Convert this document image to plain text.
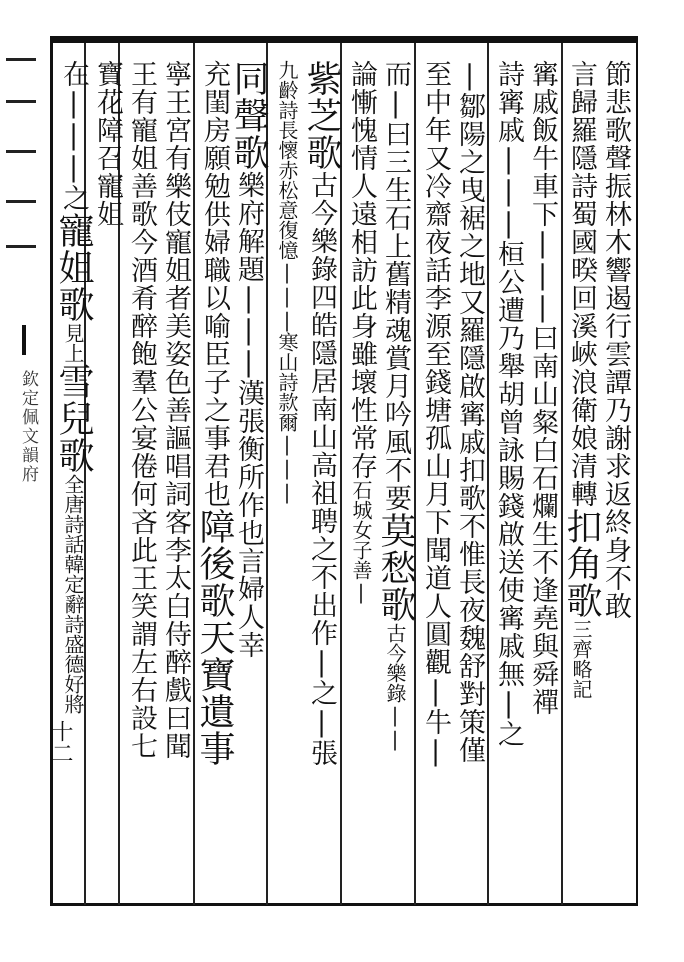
欽定佩文韻府
十二
節悲歌聲振林木響遏行雲譚乃謝求返終身不敢
言歸羅隱詩蜀國暌回溪峽浪衛娘清轉扣角歌三齊略記
寗戚飯牛車下|||曰南山粲白石爛生不逢堯與舜禪
詩寗戚|||桓公遭乃舉胡曾詠賜錢啟送使寗戚無|之
|鄒陽之曳裾之地又羅隱啟寗戚扣歌不惟長夜魏舒對策僅
至中年又冷齋夜話李源至錢塘孤山月下聞道人圓觀|牛|
而|曰三生石上舊精魂賞月吟風不要莫愁歌古今樂錄||
論慚愧情人遠相訪此身雖壞性常存石城女子善|
紫芝歌古今樂錄四皓隱居南山高祖聘之不出作|之|張
九齡詩長懷赤松意復憶|||寒山詩款爾|||
同聲歌樂府解題|||漢張衡所作也言婦人幸
充閨房願勉供婦職以喻臣子之事君也障後歌天寶遺事
寧王宮有樂伎寵姐者美姿色善謳唱詞客李太白侍醉戲曰聞
王有寵姐善歌今酒肴醉飽羣公宴倦何吝此王笑謂左右設七
寶花障召寵姐
在|||之寵姐歌見上雪兒歌全唐詩話韓定辭詩盛德好將
